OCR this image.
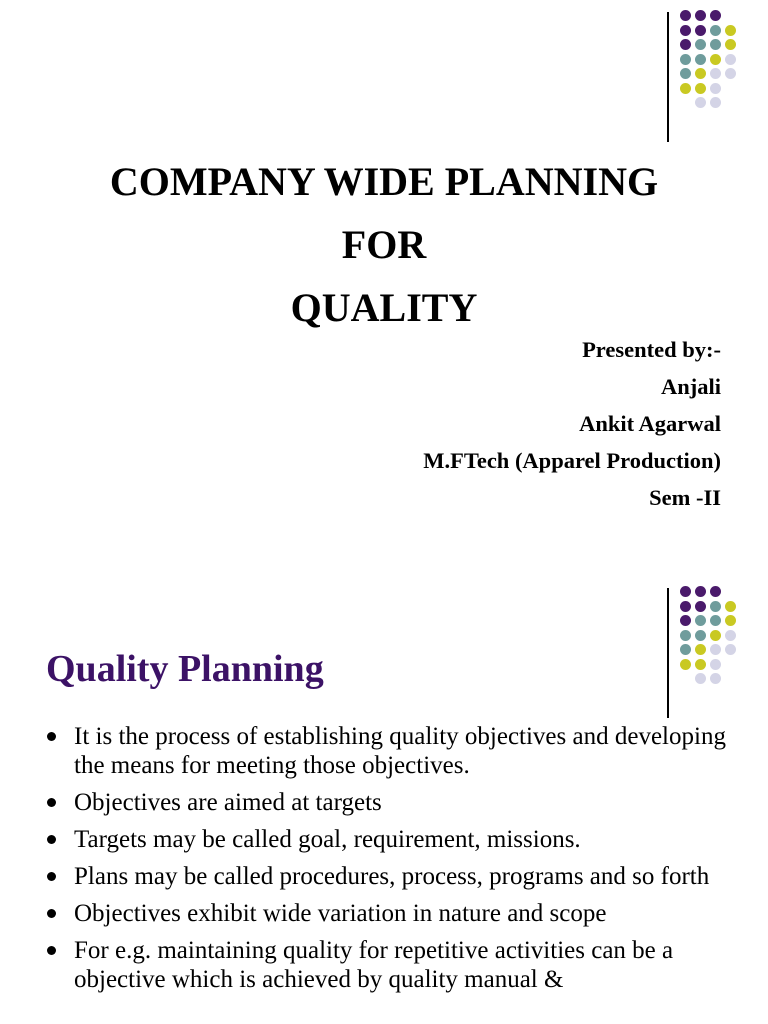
COMPANY WIDE PLANNING
FOR
QUALITY
Presented by:-
Anjali
Ankit Agarwal
M.FTech (Apparel Production)
Sem -II
Quality Planning
It is the process of establishing quality objectives and developing the means for meeting those objectives.
Objectives are aimed at targets
Targets may be called goal, requirement, missions.
Plans may be called procedures, process, programs and so forth
Objectives exhibit wide variation in nature and scope
For e.g. maintaining quality for repetitive activities can be a objective which is achieved by quality manual &
